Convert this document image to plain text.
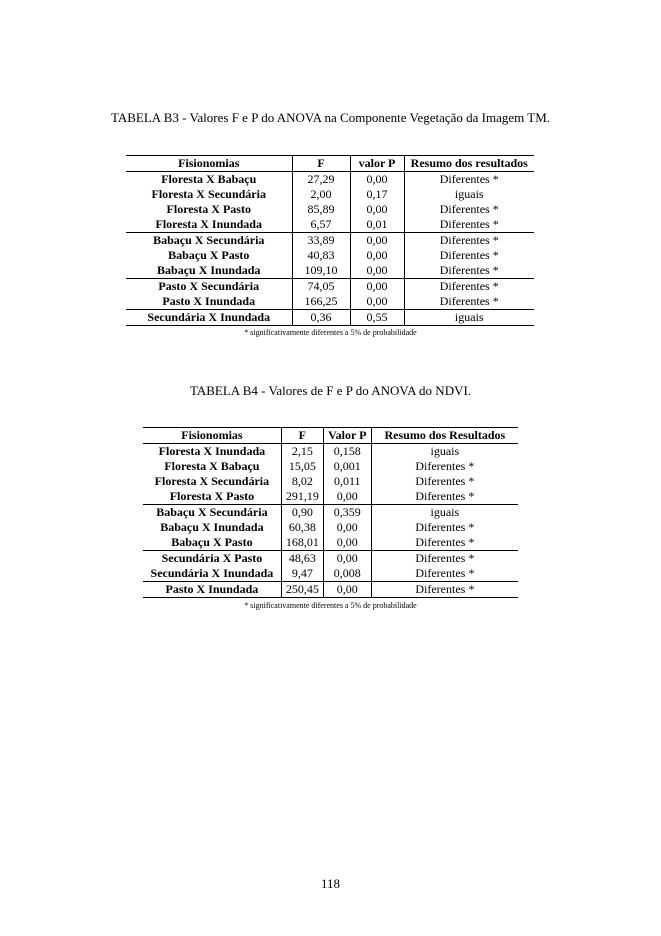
TABELA B3 - Valores F e P do ANOVA na Componente Vegetação da Imagem TM.
Fisionomias	F	valor P	Resumo dos resultados
Floresta X Babaçu	27,29	0,00	Diferentes *
Floresta X Secundária	2,00	0,17	iguais
Floresta X Pasto	85,89	0,00	Diferentes *
Floresta X Inundada	6,57	0,01	Diferentes *
Babaçu X Secundária	33,89	0,00	Diferentes *
Babaçu X Pasto	40,83	0,00	Diferentes *
Babaçu X Inundada	109,10	0,00	Diferentes *
Pasto X Secundária	74,05	0,00	Diferentes *
Pasto X Inundada	166,25	0,00	Diferentes *
Secundária X Inundada	0,36	0,55	iguais
* significativamente diferentes a 5% de probabilidade
TABELA B4 - Valores de F e P do ANOVA do NDVI.
Fisionomias	F	Valor P	Resumo dos Resultados
Floresta X Inundada	2,15	0,158	iguais
Floresta X Babaçu	15,05	0,001	Diferentes *
Floresta X Secundária	8,02	0,011	Diferentes *
Floresta X Pasto	291,19	0,00	Diferentes *
Babaçu X Secundária	0,90	0,359	iguais
Babaçu X Inundada	60,38	0,00	Diferentes *
Babaçu X Pasto	168,01	0,00	Diferentes *
Secundária X Pasto	48,63	0,00	Diferentes *
Secundária X Inundada	9,47	0,008	Diferentes *
Pasto X Inundada	250,45	0,00	Diferentes *
* significativamente diferentes a 5% de probabilidade
118
